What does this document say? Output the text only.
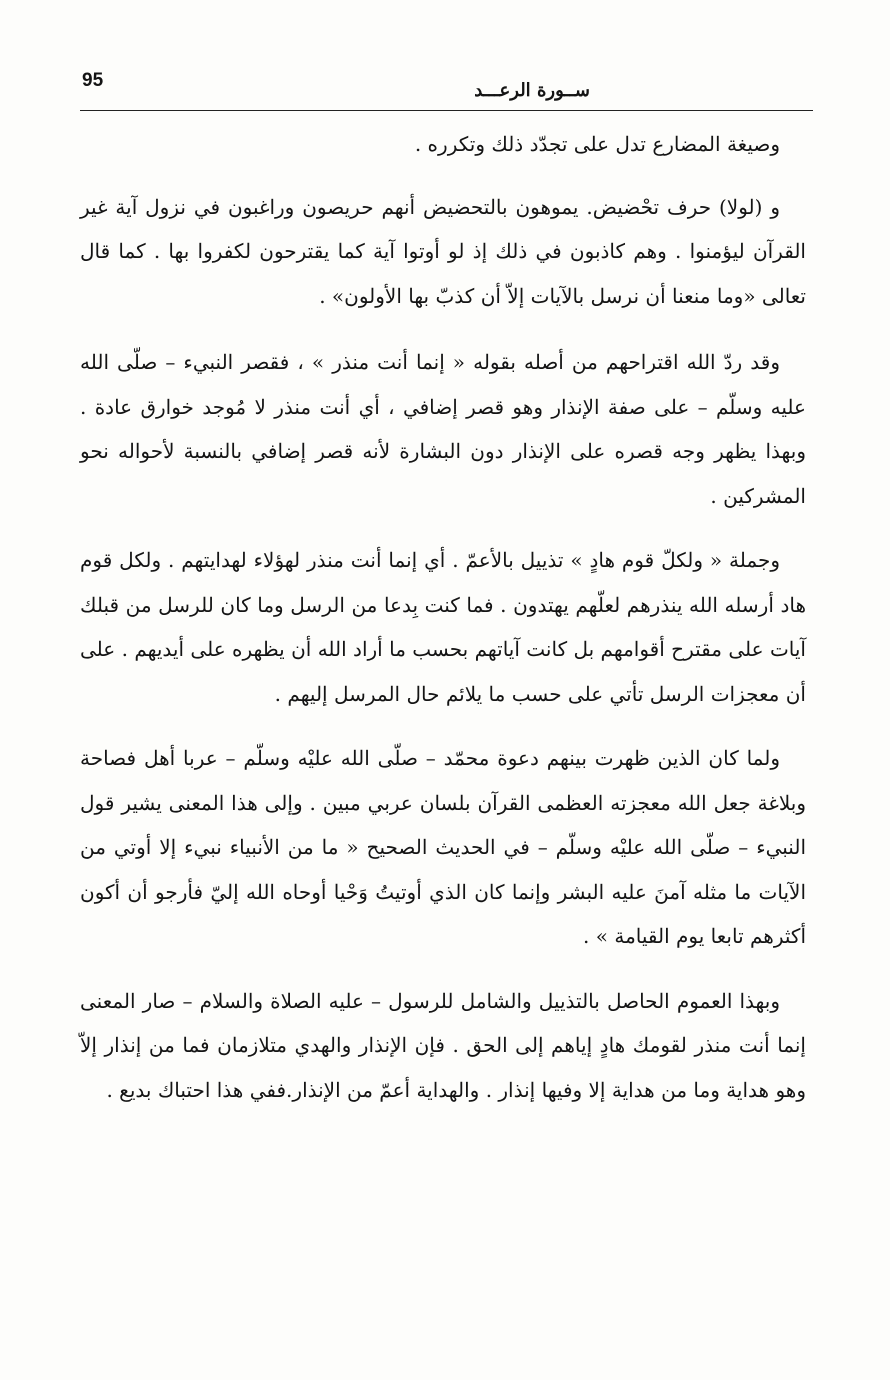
95	ســورة الرعـــد

وصيغة المضارع تدل على تجدّد ذلك وتكرره .

و (لولا) حرف تحْضيض. يموهون بالتحضيض أنهم حريصون وراغبون في نزول آية غير القرآن ليؤمنوا . وهم كاذبون في ذلك إذ لو أوتوا آية كما يقترحون لكفروا بها . كما قال تعالى «وما منعنا أن نرسل بالآيات إلاّ أن كذبّ بها الأولون» .

وقد ردّ الله اقتراحهم من أصله بقوله « إنما أنت منذر » ، فقصر النبيء – صلّى الله عليه وسلّم – على صفة الإنذار وهو قصر إضافي ، أي أنت منذر لا مُوجد خوارق عادة . وبهذا يظهر وجه قصره على الإنذار دون البشارة لأنه قصر إضافي بالنسبة لأحواله نحو المشركين .

وجملة « ولكلّ قوم هادٍ » تذييل بالأعمّ . أي إنما أنت منذر لهؤلاء لهدايتهم . ولكل قوم هاد أرسله الله ينذرهم لعلّهم يهتدون . فما كنت بِدعا من الرسل وما كان للرسل من قبلك آيات على مقترح أقوامهم بل كانت آياتهم بحسب ما أراد الله أن يظهره على أيديهم . على أن معجزات الرسل تأتي على حسب ما يلائم حال المرسل إليهم .

ولما كان الذين ظهرت بينهم دعوة محمّد – صلّى الله عليْه وسلّم – عربا أهل فصاحة وبلاغة جعل الله معجزته العظمى القرآن بلسان عربي مبين . وإلى هذا المعنى يشير قول النبيء – صلّى الله عليْه وسلّم – في الحديث الصحيح « ما من الأنبياء نبيء إلا أوتي من الآيات ما مثله آمنَ عليه البشر وإنما كان الذي أوتيتُ وَحْيا أوحاه الله إليّ فأرجو أن أكون أكثرهم تابعا يوم القيامة » .

وبهذا العموم الحاصل بالتذييل والشامل للرسول – عليه الصلاة والسلام – صار المعنى إنما أنت منذر لقومك هادٍ إياهم إلى الحق . فإن الإنذار والهدي متلازمان فما من إنذار إلاّ وهو هداية وما من هداية إلا وفيها إنذار . والهداية أعمّ من الإنذار.ففي هذا احتباك بديع .
